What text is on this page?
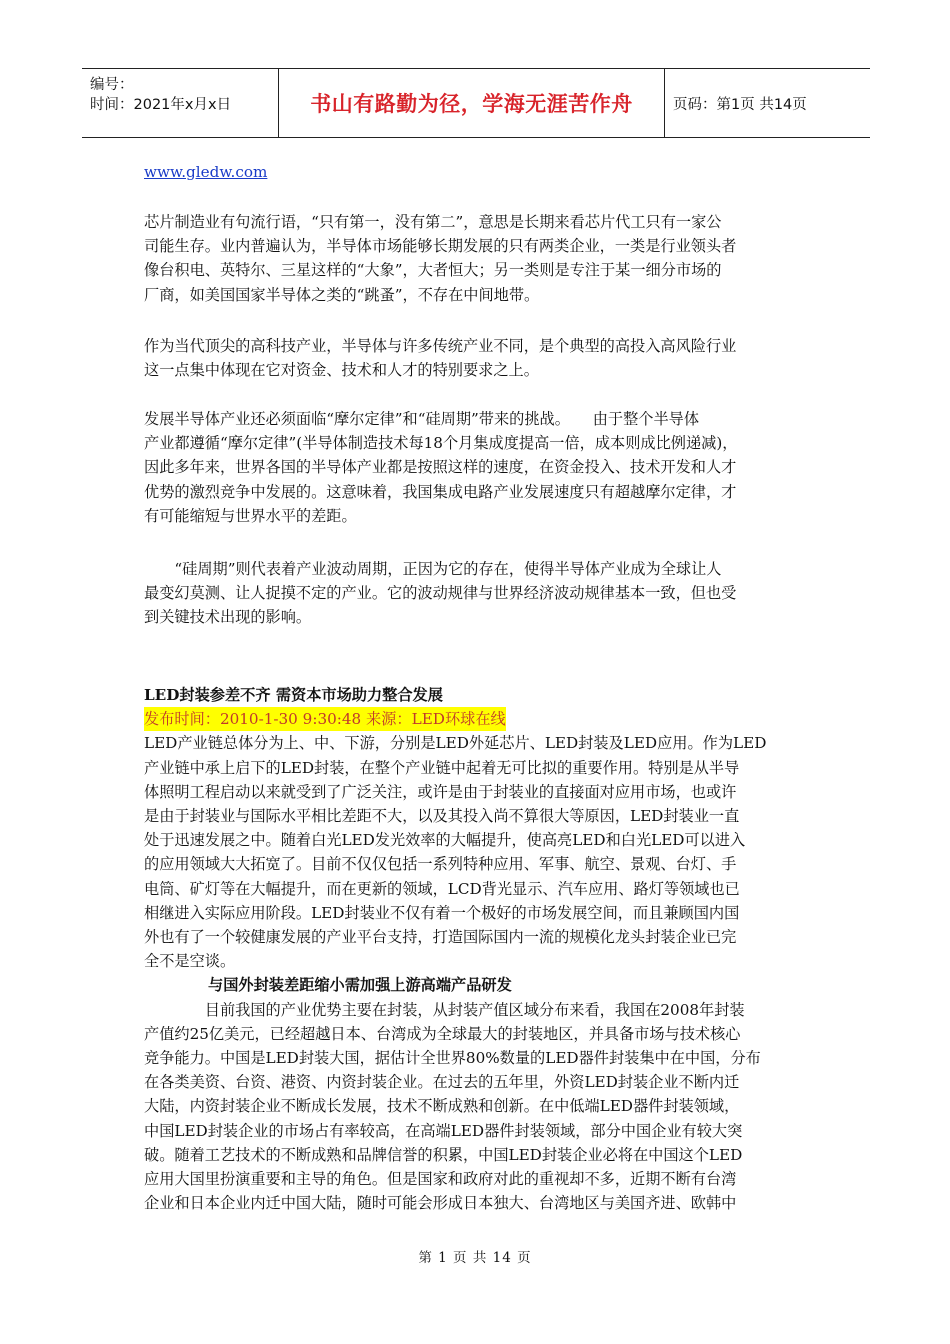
编号：
时间：2021年x月x日	书山有路勤为径，学海无涯苦作舟	页码：第1页 共14页

www.gledw.com

芯片制造业有句流行语，“只有第一，没有第二”，意思是长期来看芯片代工只有一家公

司能生存。业内普遍认为，半导体市场能够长期发展的只有两类企业，一类是行业领头者

像台积电、英特尔、三星这样的“大象”，大者恒大；另一类则是专注于某一细分市场的

厂商，如美国国家半导体之类的“跳蚤”，不存在中间地带。

作为当代顶尖的高科技产业，半导体与许多传统产业不同，是个典型的高投入高风险行业

这一点集中体现在它对资金、技术和人才的特别要求之上。

发展半导体产业还必须面临“摩尔定律”和“硅周期”带来的挑战。　　由于整个半导体

产业都遵循“摩尔定律”(半导体制造技术每18个月集成度提高一倍，成本则成比例递减)，

因此多年来，世界各国的半导体产业都是按照这样的速度，在资金投入、技术开发和人才

优势的激烈竞争中发展的。这意味着，我国集成电路产业发展速度只有超越摩尔定律，才

有可能缩短与世界水平的差距。

　　“硅周期”则代表着产业波动周期，正因为它的存在，使得半导体产业成为全球让人

最变幻莫测、让人捉摸不定的产业。它的波动规律与世界经济波动规律基本一致，但也受

到关键技术出现的影响。

LED封装参差不齐 需资本市场助力整合发展

发布时间：2010-1-30 9:30:48 来源：LED环球在线

LED产业链总体分为上、中、下游，分别是LED外延芯片、LED封装及LED应用。作为LED

产业链中承上启下的LED封装，在整个产业链中起着无可比拟的重要作用。特别是从半导

体照明工程启动以来就受到了广泛关注，或许是由于封装业的直接面对应用市场，也或许

是由于封装业与国际水平相比差距不大，以及其投入尚不算很大等原因，LED封装业一直

处于迅速发展之中。随着白光LED发光效率的大幅提升，使高亮LED和白光LED可以进入

的应用领域大大拓宽了。目前不仅仅包括一系列特种应用、军事、航空、景观、台灯、手

电筒、矿灯等在大幅提升，而在更新的领域，LCD背光显示、汽车应用、路灯等领域也已

相继进入实际应用阶段。LED封装业不仅有着一个极好的市场发展空间，而且兼顾国内国

外也有了一个较健康发展的产业平台支持，打造国际国内一流的规模化龙头封装企业已完

全不是空谈。

与国外封装差距缩小需加强上游高端产品研发

　　　　目前我国的产业优势主要在封装，从封装产值区域分布来看，我国在2008年封装

产值约25亿美元，已经超越日本、台湾成为全球最大的封装地区，并具备市场与技术核心

竞争能力。中国是LED封装大国，据估计全世界80%数量的LED器件封装集中在中国，分布

在各类美资、台资、港资、内资封装企业。在过去的五年里，外资LED封装企业不断内迁

大陆，内资封装企业不断成长发展，技术不断成熟和创新。在中低端LED器件封装领域，

中国LED封装企业的市场占有率较高，在高端LED器件封装领域，部分中国企业有较大突

破。随着工艺技术的不断成熟和品牌信誉的积累，中国LED封装企业必将在中国这个LED

应用大国里扮演重要和主导的角色。但是国家和政府对此的重视却不多，近期不断有台湾

企业和日本企业内迁中国大陆，随时可能会形成日本独大、台湾地区与美国齐进、欧韩中

第 1 页 共 14 页
